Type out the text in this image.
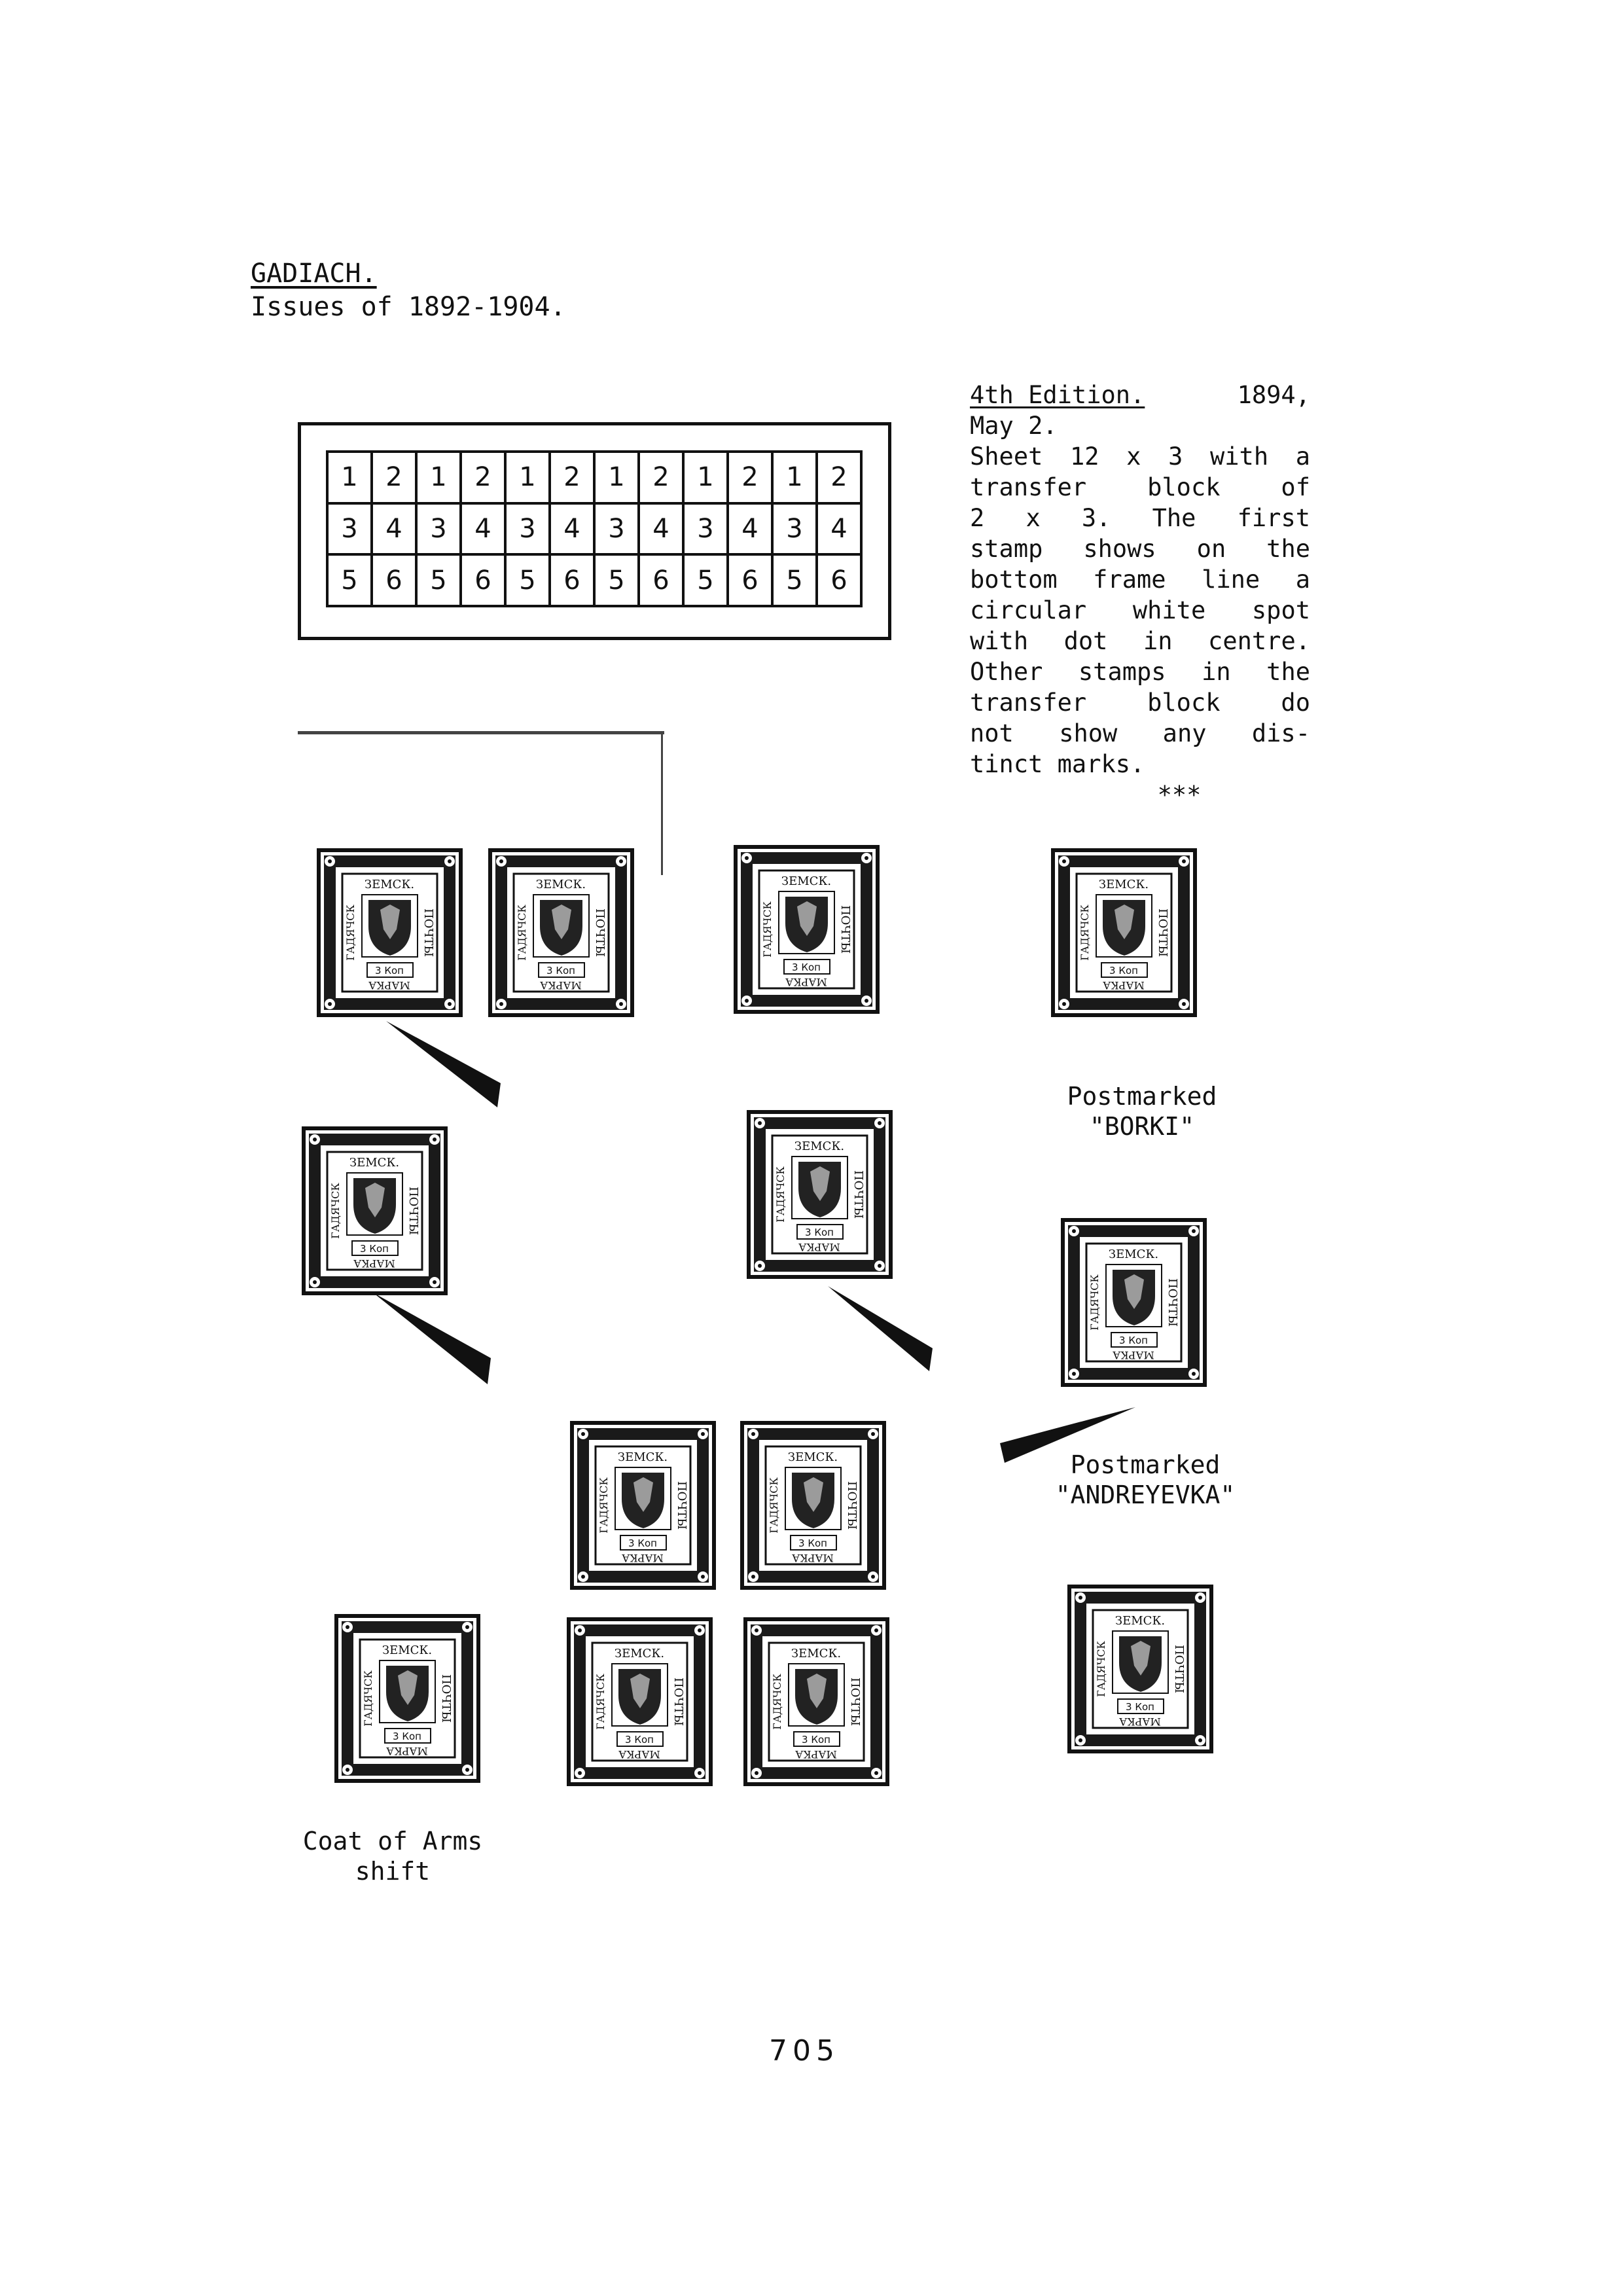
GADIACH.
Issues of 1892-1904.
1	2	1	2	1	2	1	2	1	2	1	2
3	4	3	4	3	4	3	4	3	4	3	4
5	6	5	6	5	6	5	6	5	6	5	6
4th Edition.	1894,
May 2.
Sheet 12 x 3 with a
transfer block of
2 x 3. The first
stamp shows on the
bottom frame line a
circular white spot
with dot in centre.
Other stamps in the
transfer block do
not show any dis-
tinct marks.
***
ЗЕМСК.
3 Коп
МАРКА
ГАДЯЧСК	ПОЧТЫ
ЗЕМСК.
3 Коп
МАРКА
ГАДЯЧСК	ПОЧТЫ
ЗЕМСК.
3 Коп
МАРКА
ГАДЯЧСК	ПОЧТЫ
ЗЕМСК.
3 Коп
МАРКА
ГАДЯЧСК	ПОЧТЫ
ЗЕМСК.
3 Коп
МАРКА
ГАДЯЧСК	ПОЧТЫ
ЗЕМСК.
3 Коп
МАРКА
ГАДЯЧСК	ПОЧТЫ
ЗЕМСК.
3 Коп
МАРКА
ГАДЯЧСК	ПОЧТЫ
ЗЕМСК.
3 Коп
МАРКА
ГАДЯЧСК	ПОЧТЫ
ЗЕМСК.
3 Коп
МАРКА
ГАДЯЧСК	ПОЧТЫ
ЗЕМСК.
3 Коп
МАРКА
ГАДЯЧСК	ПОЧТЫ
ЗЕМСК.
3 Коп
МАРКА
ГАДЯЧСК	ПОЧТЫ
ЗЕМСК.
3 Коп
МАРКА
ГАДЯЧСК	ПОЧТЫ
ЗЕМСК.
3 Коп
МАРКА
ГАДЯЧСК	ПОЧТЫ
Postmarked
"BORKI"
Postmarked
"ANDREYEVKA"
Coat of Arms
shift
705
